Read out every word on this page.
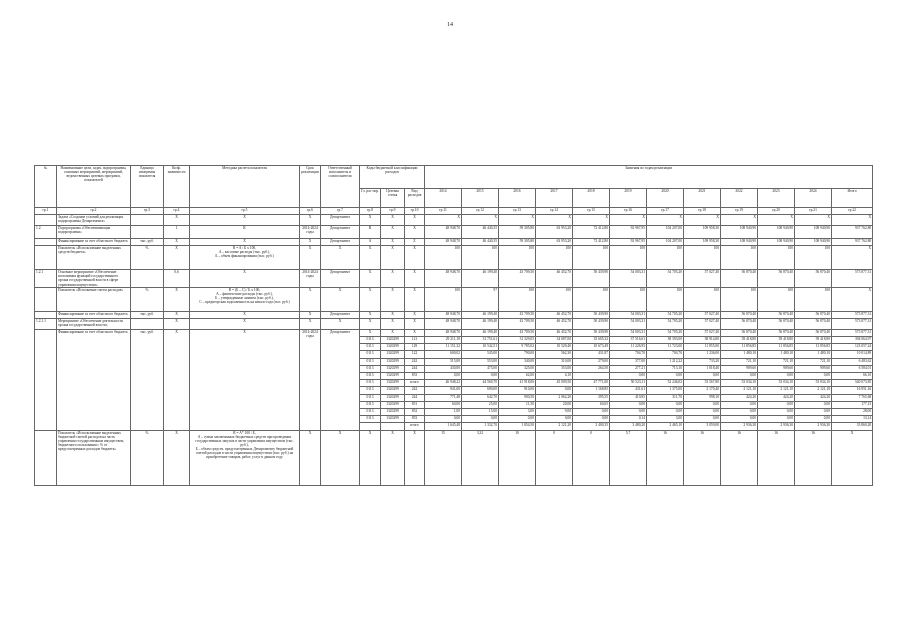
14
№	Наименование цели, задач, подпрограммы, основных мероприятий, мероприятий, ведомственных целевых программ, показателей	Единица измерения показателя	Коэф. значимости	Методика расчета показателя	Срок реализации	Ответственный исполнитель и соисполнители	Коды бюджетной классификации расходов			Значения по годам реализации											
							Гл. рас-пор.	Целевая статья	Вид расходов	2014	2015	2016	2017	2018	2019	2020	2021	2022	2023	2024	Итого
гр.1	гр.2	гр.3	гр.4	гр.5	гр.6	гр.7	гр.8	гр.9	гр.10	гр.11	гр.12	гр.13	гр.14	гр.15	гр.16	гр.17	гр.18	гр.19	гр.20	гр.21	гр.22
	Задача «Создание условий для реализации подпрограммы Департамента»		X	X	X	Департамент	X	X	X	X	X	X	X	X	X	X	X	X	X	X	X
1.2.	Подпрограмма «Обеспечивающая подпрограмма»		1	R	2014-2024 годы	Департамент	R	X	X	48 948,70	46 440,35	59 305,80	63 953,20	72 412,80	92 967,95	104 207,00	109 958,30	108 940,90	108 940,90	108 940,90	937 762,80
	Финансирование за счет областного бюджета	тыс. руб.	X	X	X	Департамент	A	X	Z	48 948,70	46 440,35	59 305,80	63 953,20	72 412,80	92 967,95	104 207,00	109 958,30	108 940,90	108 940,90	108 940,90	937 762,80
	Показатель «Использование выделенных средств бюджета»	%	X	R = A / Б x 100,
A – кассовые расходы (тыс. руб.),
Б – объем финансирования (тыс. руб.)	X	X	X	X	X	100	100	100	100	100	100	100	100	100	100	100	X
1.2.1	Основное мероприятие «Обеспечение исполнения функций государственного органа государственной власти в сфере управления имуществом»		0,6	X	2014-2024 годы	Департамент	X	X	X	48 948,70	46 199,40	43 709,50	46 452,70	50 439,90	54 003,31	54 705,20	57 027,40	56 870,40	56 870,40	56 870,40	573 877,31
	Показатель «Исполнение сметы расходов»	%	X	R = (Б – С) / Б x 100,
A – фактические расходы (тыс. руб.),
Б – утвержденные лимиты (тыс. руб.),
C – кредиторская задолженность на начало года (тыс. руб.)	X	X	X	X	X	100	97	100	100	100	100	100	100	100	100	100	X
	Финансирование за счет областного бюджета	тыс. руб.	X	X	X	Департамент	X	X	X	48 948,70	46 199,40	43 709,50	46 452,70	50 439,90	54 003,31	54 705,20	57 027,40	56 870,40	56 870,40	56 870,40	573 877,31
1.2.1.1	Мероприятие «Обеспечение деятельности органа государственной власти»		X	X	X	X	X	X	X	48 948,70	46 199,40	43 709,50	46 452,70	50 439,90	54 003,31	54 705,20	57 027,40	56 870,40	56 870,40	56 870,40	573 877,31
	Финансирование за счет областного бюджета	тыс. руб.	X	X	2014-2024 годы	Департамент	X	X	X	48 948,70	46 199,40	43 709,50	46 452,70	50 439,90	54 003,31	54 705,20	57 027,40	56 870,40	56 870,40	56 870,40	573 877,31
							0113	1320299	121	29 211,18	31 751,61	31 329,05	34 087,00	35 605,32	37 516,61	38 393,00	38 914,80	39 418,80	39 418,80	39 418,80	394 064,97
							0113	1320299	129	11 151,32	10 542,51	9 785,02	10 529,40	10 673,49	11 226,95	11 723,00	11 855,00	11 856,85	11 856,85	11 856,85	123 057,24
							0113	1320299	122	600,02	545,00	790,00	562,30	431,87	704,70	704,70	1 236,00	1 480,10	1 480,10	1 480,10	10 014,89
							0113	1320299	242	515,00	553,00	340,00	310,00	279,00	377,00	1 212,22	733,20	721,10	721,10	721,10	6 483,62
							0113	1320299	244	430,00	475,00	325,00	353,00	264,50	277,21	713,10	1 018,40	909,60	909,60	909,60	6 584,01
							0113	1320299	853	0,00	0,00	62,00	4,10		0,00	0,00	0,00	0,00	0,00	0,00	66,10
							0113	1320299	итого	46 948,22	44 560,70	41 918,00	45 009,50	47 771,00	50 523,11	52 246,02	53 567,80	53 034,10	53 034,10	53 034,10	540 073,85
							0113	1320299	242	841,00	690,00	910,00	0,00	1 168,85	431,61	1 375,00	2 170,40	2 121,10	2 121,10	2 121,10	16 951,16
							0113	1320299	244	771,48	642,70	900,50	2 062,20	395,55	410,85	311,70	998,10	424,20	424,20	424,20	7 765,68
							0113	1320299	851	60,00	25,00	11,50	20,00	60,65	0,00	0,00	0,00	0,00	0,00	0,00	177,15
							0113	1320299	852	1,00	15,00	3,00	9,00	0,00	0,00	0,00	0,00	0,00	0,00	0,00	28,00
							0113	1320299	853	0,00	0,00	0,00	0,00	0,00	0,14	3,00	0,00	0,00	0,00	0,00	13,14
									итого	1 645,48	1 332,70	1 854,50	2 121,20	2 400,35	3 480,20	2 465,10	3 059,00	2 936,30	2 936,30	2 936,30	33 860,20
	Показатель «Использование выделенных бюджетной сметой расходов на часть управления государственным имуществом, бюджетного пользования с % от предусмотренных расходов бюджета»	%	X	R = A* 100 / Б,
A – сумма заключенных бюджетных средств при проведении государственных закупок в части управления имуществом (тыс. руб.),
Б – объем средств, предусмотренных Департаменту бюджетной сметой расходов в части управления имуществом (тыс. руб.) на приобретение товаров, работ, услуг в данном году	X	X	X	X	X	15	3,32	10	0	0	5,7	16	16	16	16	16	X
